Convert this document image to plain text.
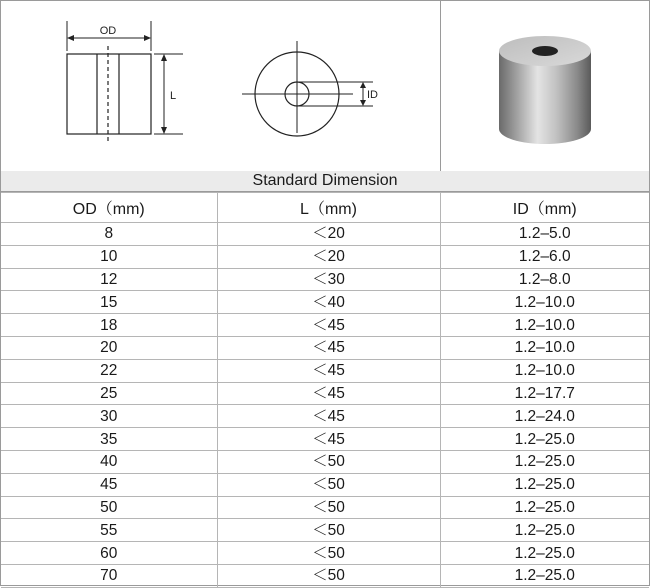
OD
L	ID
Standard Dimension
OD（mm)	L（mm)	ID（mm)
8	＜20	1.2–5.0
10	＜20	1.2–6.0
12	＜30	1.2–8.0
15	＜40	1.2–10.0
18	＜45	1.2–10.0
20	＜45	1.2–10.0
22	＜45	1.2–10.0
25	＜45	1.2–17.7
30	＜45	1.2–24.0
35	＜45	1.2–25.0
40	＜50	1.2–25.0
45	＜50	1.2–25.0
50	＜50	1.2–25.0
55	＜50	1.2–25.0
60	＜50	1.2–25.0
70	＜50	1.2–25.0
